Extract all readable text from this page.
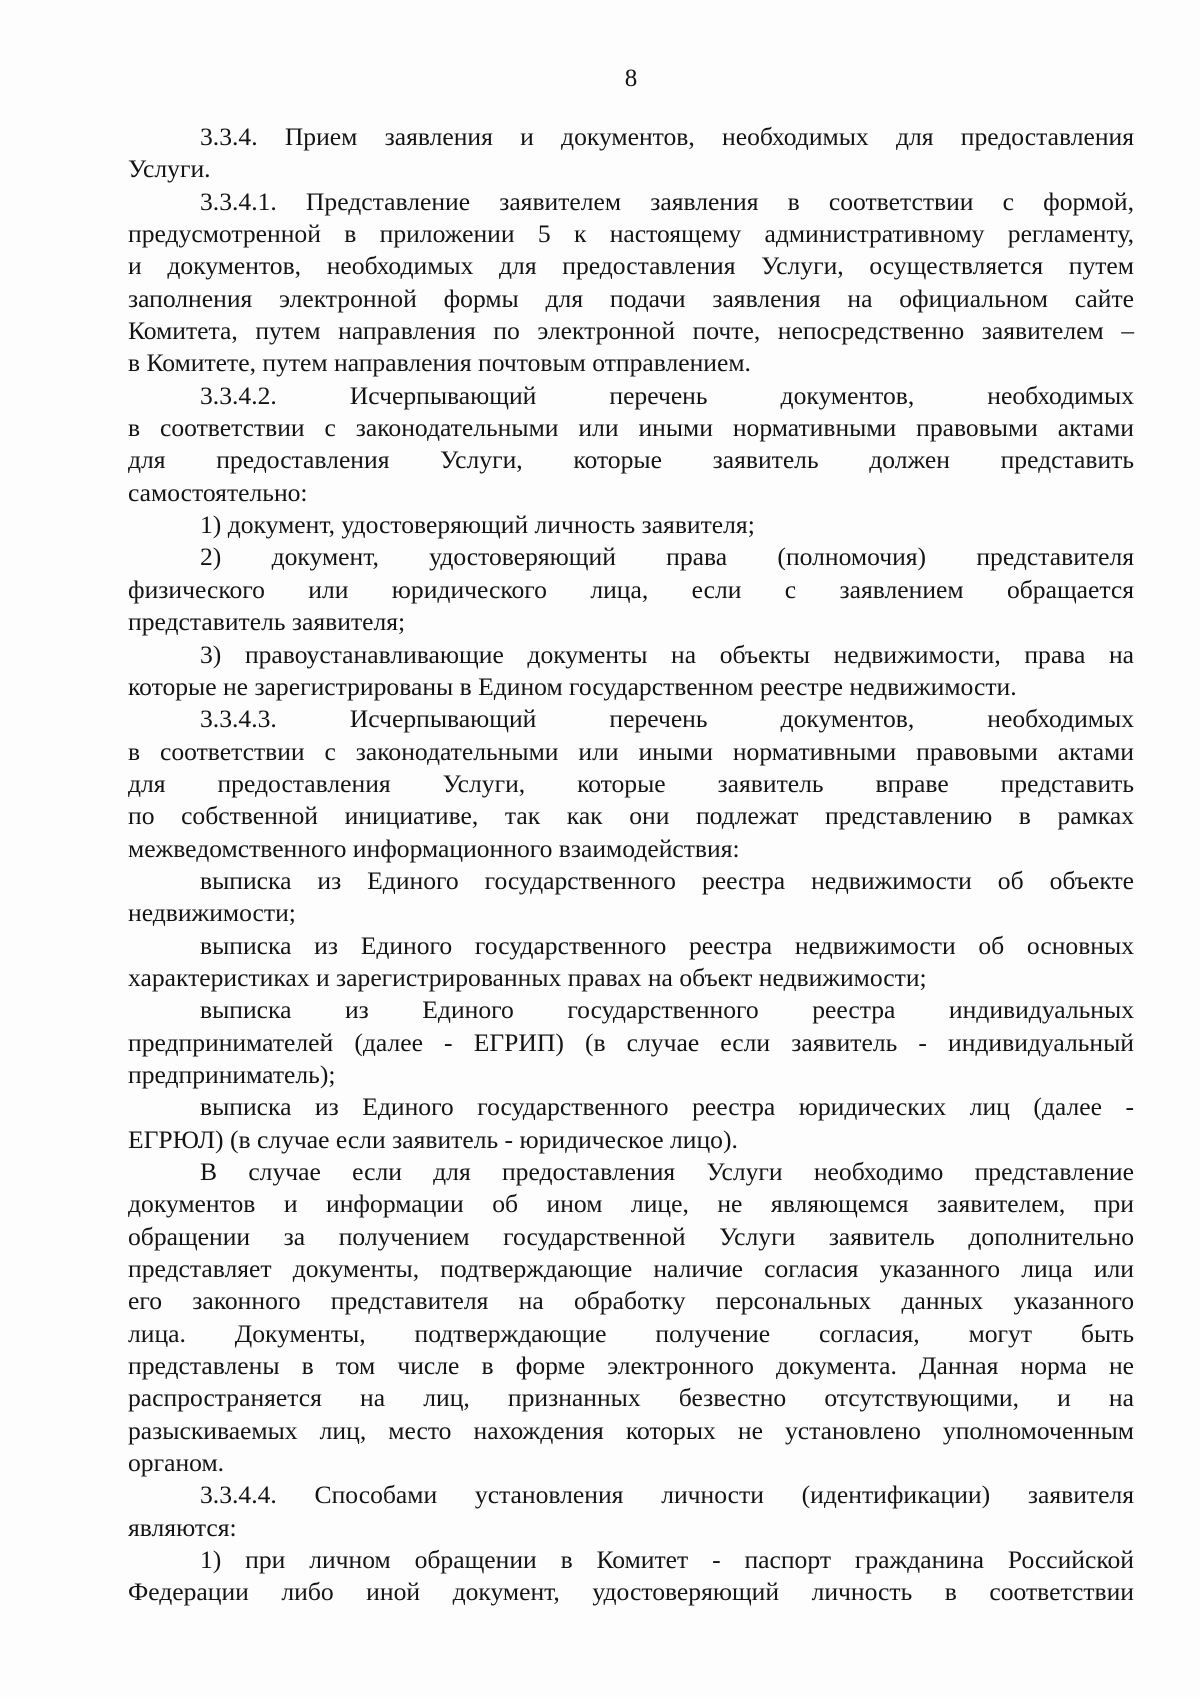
8

3.3.4. Прием заявления и документов, необходимых для предоставления
Услуги.

3.3.4.1. Представление заявителем заявления в соответствии с формой,
предусмотренной в приложении 5 к настоящему административному регламенту,
и документов, необходимых для предоставления Услуги, осуществляется путем
заполнения электронной формы для подачи заявления на официальном сайте
Комитета, путем направления по электронной почте, непосредственно заявителем –
в Комитете, путем направления почтовым отправлением.

3.3.4.2. Исчерпывающий перечень документов, необходимых
в соответствии с законодательными или иными нормативными правовыми актами
для предоставления Услуги, которые заявитель должен представить
самостоятельно:

1) документ, удостоверяющий личность заявителя;

2) документ, удостоверяющий права (полномочия) представителя
физического или юридического лица, если с заявлением обращается
представитель заявителя;

3) правоустанавливающие документы на объекты недвижимости, права на
которые не зарегистрированы в Едином государственном реестре недвижимости.

3.3.4.3. Исчерпывающий перечень документов, необходимых
в соответствии с законодательными или иными нормативными правовыми актами
для предоставления Услуги, которые заявитель вправе представить
по собственной инициативе, так как они подлежат представлению в рамках
межведомственного информационного взаимодействия:

выписка из Единого государственного реестра недвижимости об объекте
недвижимости;

выписка из Единого государственного реестра недвижимости об основных
характеристиках и зарегистрированных правах на объект недвижимости;

выписка из Единого государственного реестра индивидуальных
предпринимателей (далее - ЕГРИП) (в случае если заявитель - индивидуальный
предприниматель);

выписка из Единого государственного реестра юридических лиц (далее -
ЕГРЮЛ) (в случае если заявитель - юридическое лицо).

В случае если для предоставления Услуги необходимо представление
документов и информации об ином лице, не являющемся заявителем, при
обращении за получением государственной Услуги заявитель дополнительно
представляет документы, подтверждающие наличие согласия указанного лица или
его законного представителя на обработку персональных данных указанного
лица. Документы, подтверждающие получение согласия, могут быть
представлены в том числе в форме электронного документа. Данная норма не
распространяется на лиц, признанных безвестно отсутствующими, и на
разыскиваемых лиц, место нахождения которых не установлено уполномоченным
органом.

3.3.4.4. Способами установления личности (идентификации) заявителя
являются:

1) при личном обращении в Комитет - паспорт гражданина Российской
Федерации либо иной документ, удостоверяющий личность в соответствии
